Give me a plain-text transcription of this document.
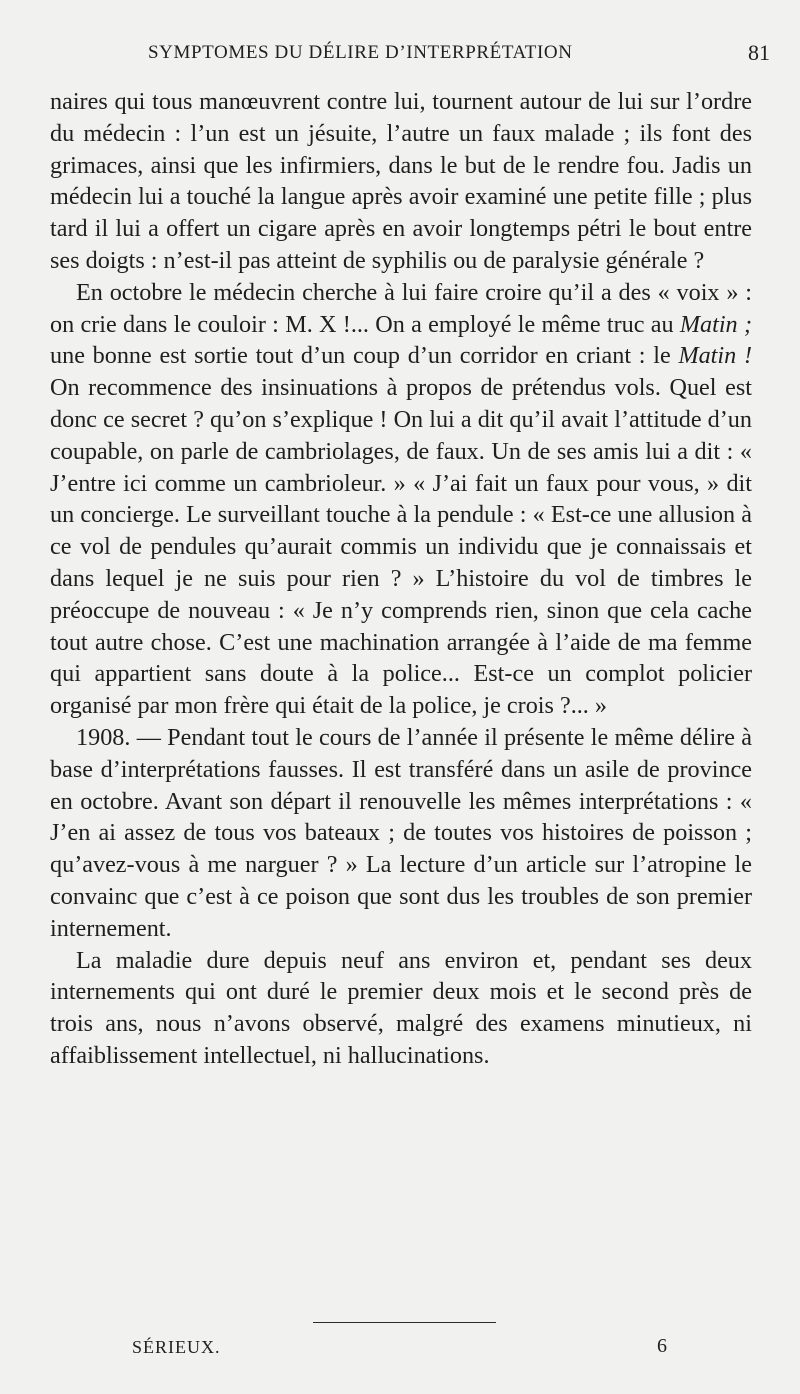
SYMPTOMES DU DÉLIRE D’INTERPRÉTATION	81

naires qui tous manœuvrent contre lui, tournent autour de lui sur l’ordre du médecin : l’un est un jésuite, l’autre un faux malade ; ils font des grimaces, ainsi que les infirmiers, dans le but de le rendre fou. Jadis un médecin lui a touché la langue après avoir examiné une petite fille ; plus tard il lui a offert un cigare après en avoir longtemps pétri le bout entre ses doigts : n’est-il pas atteint de syphilis ou de paralysie générale ?

En octobre le médecin cherche à lui faire croire qu’il a des « voix » : on crie dans le couloir : M. X !... On a employé le même truc au Matin ; une bonne est sortie tout d’un coup d’un corridor en criant : le Matin ! On recommence des insinuations à propos de prétendus vols. Quel est donc ce secret ? qu’on s’explique ! On lui a dit qu’il avait l’attitude d’un coupable, on parle de cambriolages, de faux. Un de ses amis lui a dit : « J’entre ici comme un cambrioleur. » « J’ai fait un faux pour vous, » dit un concierge. Le surveillant touche à la pendule : « Est-ce une allusion à ce vol de pendules qu’aurait commis un individu que je connaissais et dans lequel je ne suis pour rien ? » L’histoire du vol de timbres le préoccupe de nouveau : « Je n’y comprends rien, sinon que cela cache tout autre chose. C’est une machination arrangée à l’aide de ma femme qui appartient sans doute à la police... Est-ce un complot policier organisé par mon frère qui était de la police, je crois ?... »

1908. — Pendant tout le cours de l’année il présente le même délire à base d’interprétations fausses. Il est transféré dans un asile de province en octobre. Avant son départ il renouvelle les mêmes interprétations : « J’en ai assez de tous vos bateaux ; de toutes vos histoires de poisson ; qu’avez-vous à me narguer ? » La lecture d’un article sur l’atropine le convainc que c’est à ce poison que sont dus les troubles de son premier internement.

La maladie dure depuis neuf ans environ et, pendant ses deux internements qui ont duré le premier deux mois et le second près de trois ans, nous n’avons observé, malgré des examens minutieux, ni affaiblissement intellectuel, ni hallucinations.

SÉRIEUX.	6
